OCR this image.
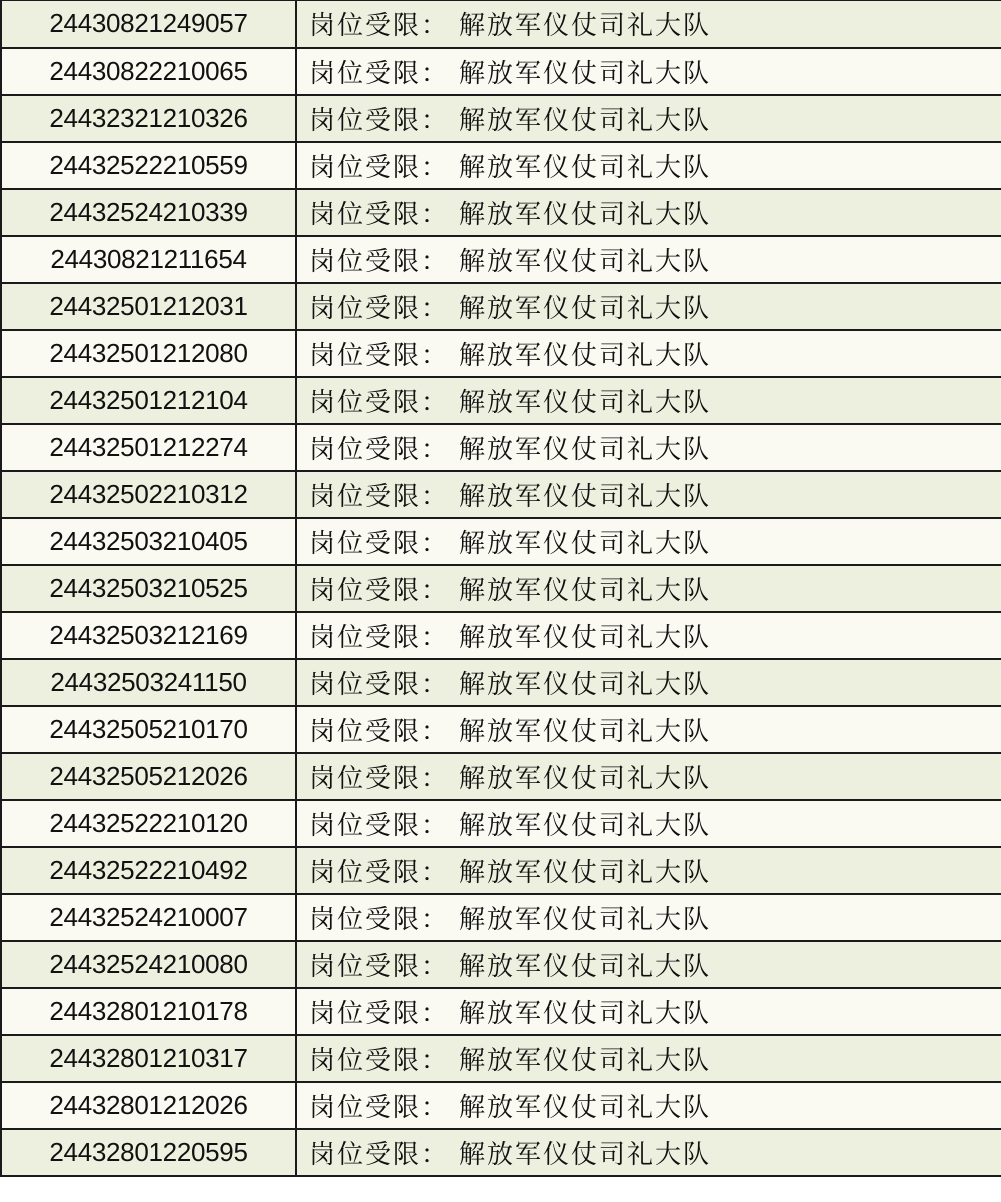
24430821249057	岗位受限： 解放军仪仗司礼大队
24430822210065	岗位受限： 解放军仪仗司礼大队
24432321210326	岗位受限： 解放军仪仗司礼大队
24432522210559	岗位受限： 解放军仪仗司礼大队
24432524210339	岗位受限： 解放军仪仗司礼大队
24430821211654	岗位受限： 解放军仪仗司礼大队
24432501212031	岗位受限： 解放军仪仗司礼大队
24432501212080	岗位受限： 解放军仪仗司礼大队
24432501212104	岗位受限： 解放军仪仗司礼大队
24432501212274	岗位受限： 解放军仪仗司礼大队
24432502210312	岗位受限： 解放军仪仗司礼大队
24432503210405	岗位受限： 解放军仪仗司礼大队
24432503210525	岗位受限： 解放军仪仗司礼大队
24432503212169	岗位受限： 解放军仪仗司礼大队
24432503241150	岗位受限： 解放军仪仗司礼大队
24432505210170	岗位受限： 解放军仪仗司礼大队
24432505212026	岗位受限： 解放军仪仗司礼大队
24432522210120	岗位受限： 解放军仪仗司礼大队
24432522210492	岗位受限： 解放军仪仗司礼大队
24432524210007	岗位受限： 解放军仪仗司礼大队
24432524210080	岗位受限： 解放军仪仗司礼大队
24432801210178	岗位受限： 解放军仪仗司礼大队
24432801210317	岗位受限： 解放军仪仗司礼大队
24432801212026	岗位受限： 解放军仪仗司礼大队
24432801220595	岗位受限： 解放军仪仗司礼大队
